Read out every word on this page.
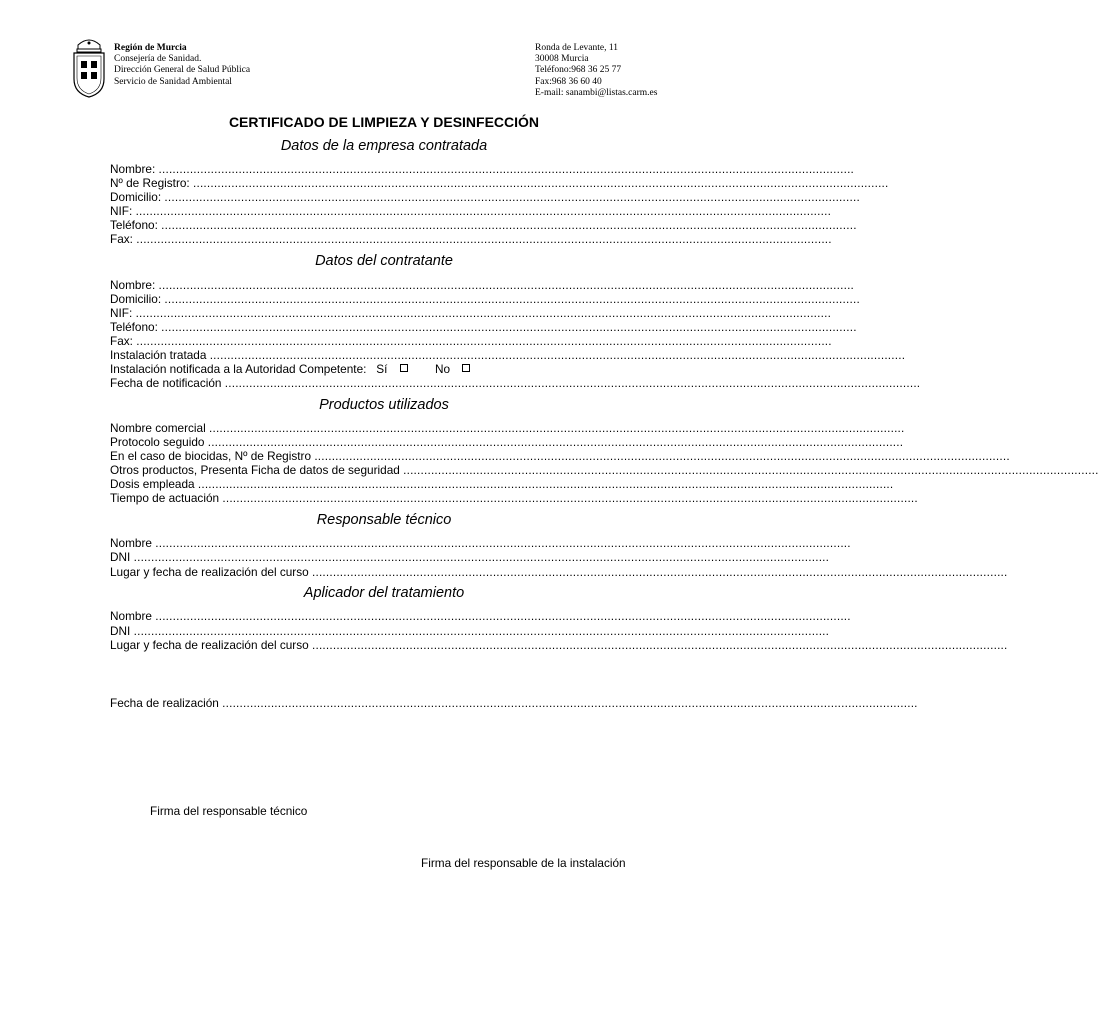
Región de Murcia
Consejería de Sanidad.
Dirección General de Salud Pública
Servicio de Sanidad Ambiental
Ronda de Levante, 11
30008 Murcia
Teléfono:968 36 25 77
Fax:968 36 60 40
E-mail: sanambi@listas.carm.es
CERTIFICADO DE LIMPIEZA Y DESINFECCIÓN
Datos de la empresa contratada
Nombre: ........................................................................................................................................................................................................
Nº de Registro: ........................................................................................................................................................................................................
Domicilio: ........................................................................................................................................................................................................
NIF: ........................................................................................................................................................................................................
Teléfono: ........................................................................................................................................................................................................
Fax: ........................................................................................................................................................................................................
Datos del contratante
Nombre: ........................................................................................................................................................................................................
Domicilio: ........................................................................................................................................................................................................
NIF: ........................................................................................................................................................................................................
Teléfono: ........................................................................................................................................................................................................
Fax: ........................................................................................................................................................................................................
Instalación tratada ........................................................................................................................................................................................................
Instalación notificada a la Autoridad Competente:   Sí	No
Fecha de notificación ........................................................................................................................................................................................................
Productos utilizados
Nombre comercial ........................................................................................................................................................................................................
Protocolo seguido ........................................................................................................................................................................................................
En el caso de biocidas, Nº de Registro ........................................................................................................................................................................................................
Otros productos, Presenta Ficha de datos de seguridad ........................................................................................................................................................................................................
Dosis empleada ........................................................................................................................................................................................................
Tiempo de actuación ........................................................................................................................................................................................................
Responsable técnico
Nombre ........................................................................................................................................................................................................
DNI ........................................................................................................................................................................................................
Lugar y fecha de realización del curso ........................................................................................................................................................................................................
Aplicador del tratamiento
Nombre ........................................................................................................................................................................................................
DNI ........................................................................................................................................................................................................
Lugar y fecha de realización del curso ........................................................................................................................................................................................................
Fecha de realización ........................................................................................................................................................................................................
Firma del responsable técnico
Firma del responsable de la instalación
